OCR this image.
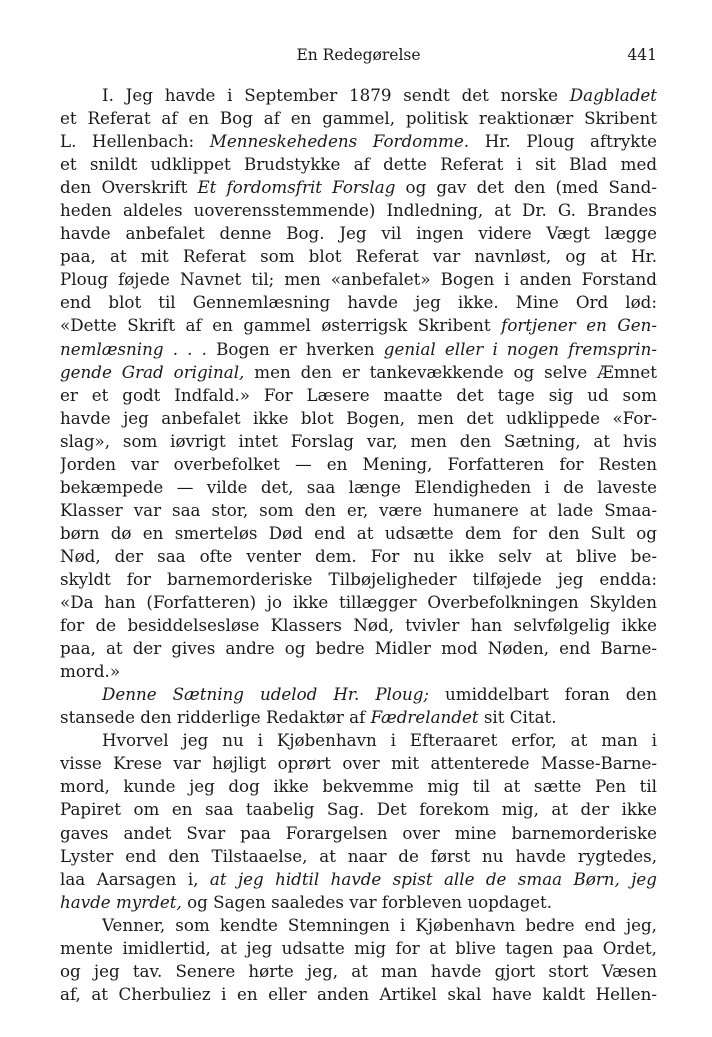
En Redegørelse	441
I. Jeg havde i September 1879 sendt det norske Dagbladet
et Referat af en Bog af en gammel, politisk reaktionær Skribent
L. Hellenbach: Menneskehedens Fordomme. Hr. Ploug aftrykte
et snildt udklippet Brudstykke af dette Referat i sit Blad med
den Overskrift Et fordomsfrit Forslag og gav det den (med Sand-
heden aldeles uoverensstemmende) Indledning, at Dr. G. Brandes
havde anbefalet denne Bog. Jeg vil ingen videre Vægt lægge
paa, at mit Referat som blot Referat var navnløst, og at Hr.
Ploug føjede Navnet til; men «anbefalet» Bogen i anden Forstand
end blot til Gennemlæsning havde jeg ikke. Mine Ord lød:
«Dette Skrift af en gammel østerrigsk Skribent fortjener en Gen-
nemlæsning . . . Bogen er hverken genial eller i nogen fremsprin-
gende Grad original, men den er tankevækkende og selve Æmnet
er et godt Indfald.» For Læsere maatte det tage sig ud som
havde jeg anbefalet ikke blot Bogen, men det udklippede «For-
slag», som iøvrigt intet Forslag var, men den Sætning, at hvis
Jorden var overbefolket — en Mening, Forfatteren for Resten
bekæmpede — vilde det, saa længe Elendigheden i de laveste
Klasser var saa stor, som den er, være humanere at lade Smaa-
børn dø en smerteløs Død end at udsætte dem for den Sult og
Nød, der saa ofte venter dem. For nu ikke selv at blive be-
skyldt for barnemorderiske Tilbøjeligheder tilføjede jeg endda:
«Da han (Forfatteren) jo ikke tillægger Overbefolkningen Skylden
for de besiddelsesløse Klassers Nød, tvivler han selvfølgelig ikke
paa, at der gives andre og bedre Midler mod Nøden, end Barne-
mord.»
Denne Sætning udelod Hr. Ploug; umiddelbart foran den
stansede den ridderlige Redaktør af Fædrelandet sit Citat.
Hvorvel jeg nu i Kjøbenhavn i Efteraaret erfor, at man i
visse Krese var højligt oprørt over mit attenterede Masse-Barne-
mord, kunde jeg dog ikke bekvemme mig til at sætte Pen til
Papiret om en saa taabelig Sag. Det forekom mig, at der ikke
gaves andet Svar paa Forargelsen over mine barnemorderiske
Lyster end den Tilstaaelse, at naar de først nu havde rygtedes,
laa Aarsagen i, at jeg hidtil havde spist alle de smaa Børn, jeg
havde myrdet, og Sagen saaledes var forbleven uopdaget.
Venner, som kendte Stemningen i Kjøbenhavn bedre end jeg,
mente imidlertid, at jeg udsatte mig for at blive tagen paa Ordet,
og jeg tav. Senere hørte jeg, at man havde gjort stort Væsen
af, at Cherbuliez i en eller anden Artikel skal have kaldt Hellen-
